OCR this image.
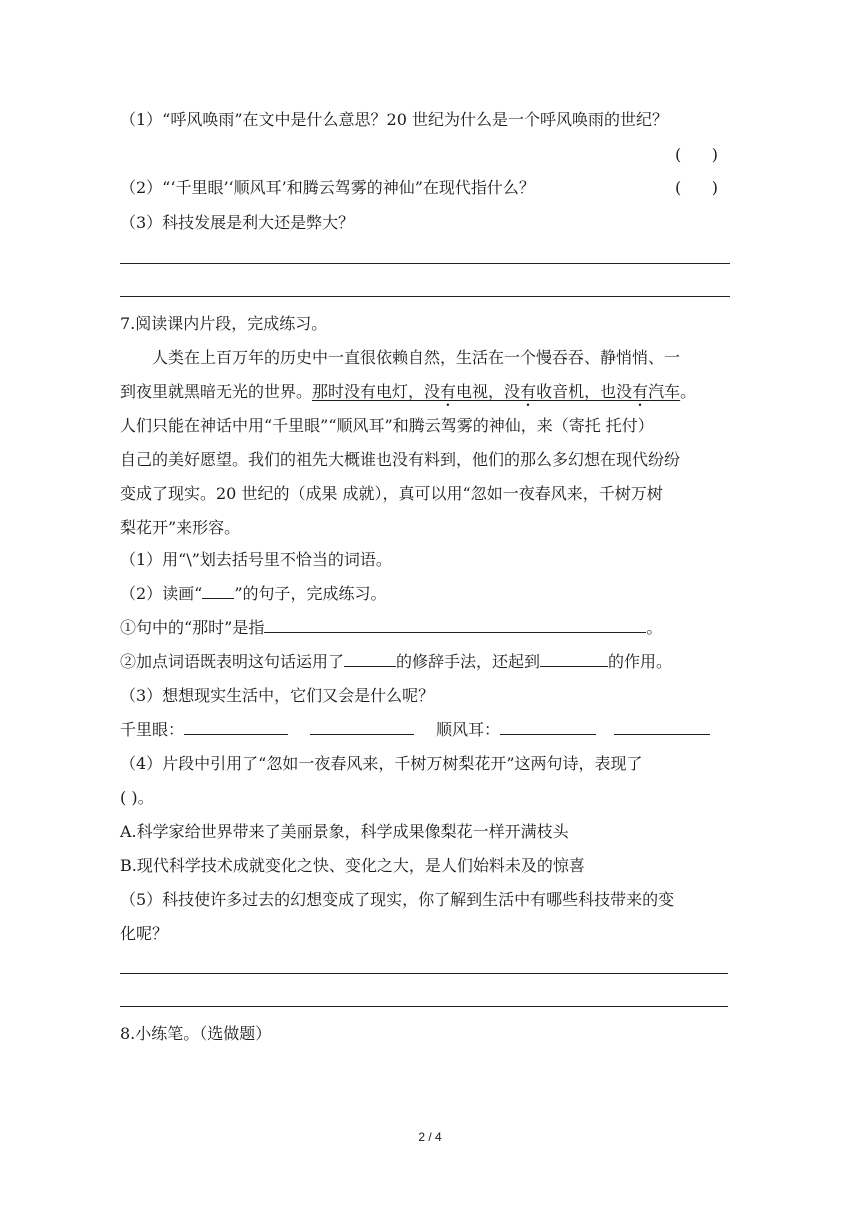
（1）“呼风唤雨”在文中是什么意思？20 世纪为什么是一个呼风唤雨的世纪？
(      )
（2）“‘千里眼’‘顺风耳’和腾云驾雾的神仙”在现代指什么？	(      )
（3）科技发展是利大还是弊大？
7.阅读课内片段，完成练习。
人类在上百万年的历史中一直很依赖自然，生活在一个慢吞吞、静悄悄、一
到夜里就黑暗无光的世界。那时没有电灯，没有电视，没有收音机，也没有汽车。
人们只能在神话中用“千里眼”“顺风耳”和腾云驾雾的神仙，来（寄托 托付）
自己的美好愿望。我们的祖先大概谁也没有料到，他们的那么多幻想在现代纷纷
变成了现实。20 世纪的（成果 成就），真可以用“忽如一夜春风来，千树万树
梨花开”来形容。
（1）用“\”划去括号里不恰当的词语。
（2）读画“ ”的句子，完成练习。
①句中的“那时”是指	。
②加点词语既表明这句话运用了	的修辞手法，还起到	的作用。
（3）想想现实生活中，它们又会是什么呢？
千里眼：	顺风耳：
（4）片段中引用了“忽如一夜春风来，千树万树梨花开”这两句诗，表现了
( )。
A.科学家给世界带来了美丽景象，科学成果像梨花一样开满枝头
B.现代科学技术成就变化之快、变化之大，是人们始料未及的惊喜
（5）科技使许多过去的幻想变成了现实，你了解到生活中有哪些科技带来的变
化呢？
8.小练笔。（选做题）
2 / 4
